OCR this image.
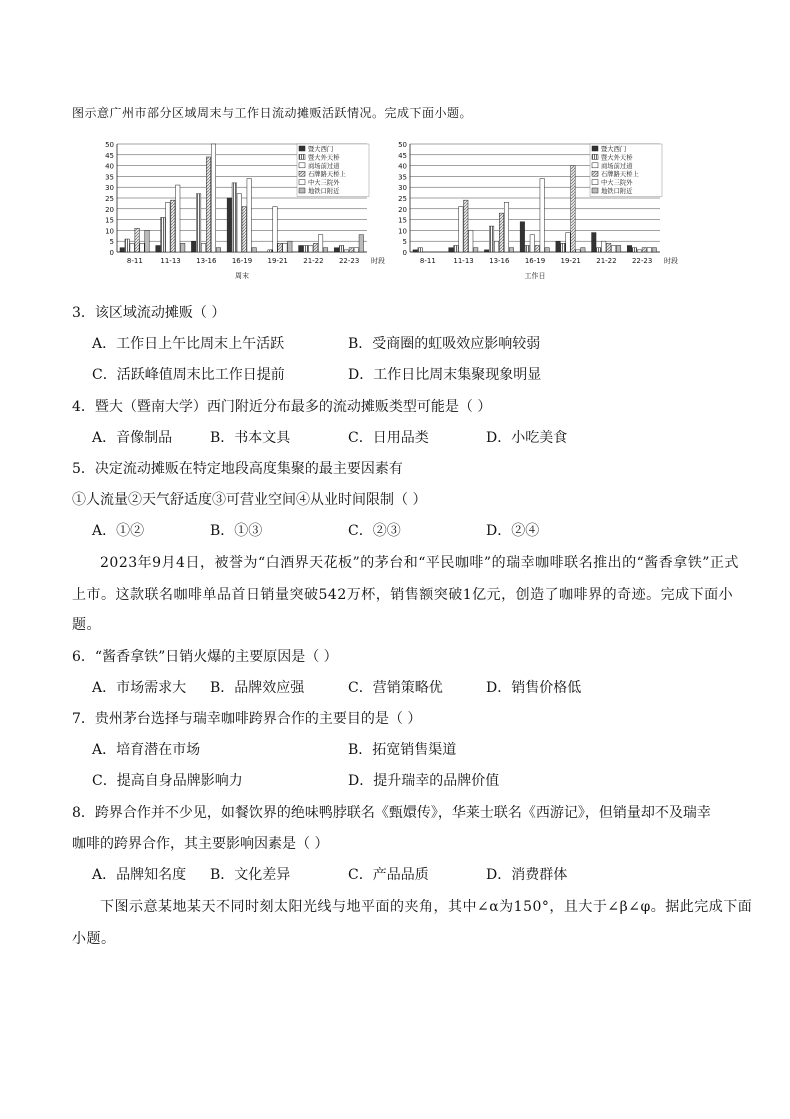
图示意广州市部分区域周末与工作日流动摊贩活跃情况。完成下面小题。
0
5
10
15
20
25
30
35
40
45
50
8-11	11-13 13-16 16-19 19-21 21-22 22-23 时段
周末
暨大西门
暨大外天桥
商场前过道
石牌路天桥上
中大三院外
地铁口附近
0
5
10
15
20
25
30
35
40
45
50
8-11	11-13 13-16 16-19 19-21 21-22 22-23 时段
工作日
暨大西门
暨大外天桥
商场前过道
石牌路天桥上
中大三院外
地铁口附近
3．该区域流动摊贩（ ）
A．工作日上午比周末上午活跃	B．受商圈的虹吸效应影响较弱
C．活跃峰值周末比工作日提前	D．工作日比周末集聚现象明显
4．暨大（暨南大学）西门附近分布最多的流动摊贩类型可能是（ ）
A．音像制品	B．书本文具	C．日用品类	D．小吃美食
5．决定流动摊贩在特定地段高度集聚的最主要因素有
①人流量②天气舒适度③可营业空间④从业时间限制（ ）
A．①②	B．①③	C．②③	D．②④
2023年9月4日，被誉为“白酒界天花板”的茅台和“平民咖啡”的瑞幸咖啡联名推出的“酱香拿铁”正式
上市。这款联名咖啡单品首日销量突破542万杯，销售额突破1亿元，创造了咖啡界的奇迹。完成下面小
题。
6．“酱香拿铁”日销火爆的主要原因是（ ）
A．市场需求大 B．品牌效应强	C．营销策略优	D．销售价格低
7．贵州茅台选择与瑞幸咖啡跨界合作的主要目的是（ ）
A．培育潜在市场	B．拓宽销售渠道
C．提高自身品牌影响力	D．提升瑞幸的品牌价值
8．跨界合作并不少见，如餐饮界的绝味鸭脖联名《甄嬛传》，华莱士联名《西游记》，但销量却不及瑞幸
咖啡的跨界合作，其主要影响因素是（ ）
A．品牌知名度 B．文化差异	C．产品品质	D．消费群体
下图示意某地某天不同时刻太阳光线与地平面的夹角，其中∠α为150°，且大于∠β∠φ。据此完成下面
小题。
